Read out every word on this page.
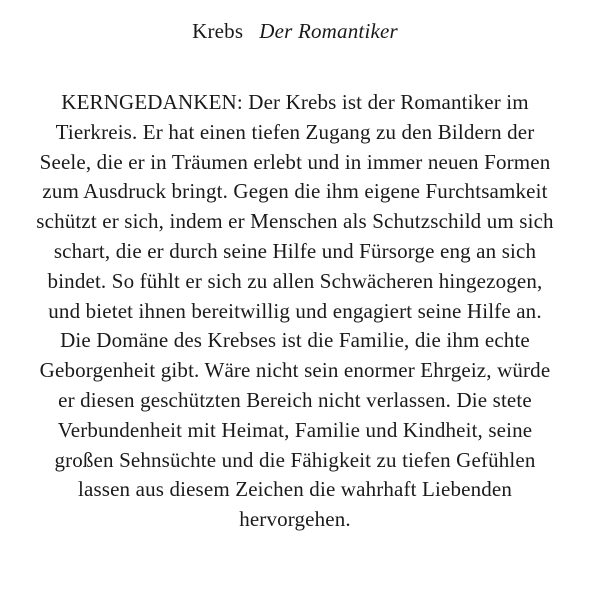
Krebs Der Romantiker
KERNGEDANKEN: Der Krebs ist der Romantiker im
Tierkreis. Er hat einen tiefen Zugang zu den Bildern der
Seele, die er in Träumen erlebt und in immer neuen Formen
zum Ausdruck bringt. Gegen die ihm eigene Furchtsamkeit
schützt er sich, indem er Menschen als Schutzschild um sich
schart, die er durch seine Hilfe und Fürsorge eng an sich
bindet. So fühlt er sich zu allen Schwächeren hingezogen,
und bietet ihnen bereitwillig und engagiert seine Hilfe an.
Die Domäne des Krebses ist die Familie, die ihm echte
Geborgenheit gibt. Wäre nicht sein enormer Ehrgeiz, würde
er diesen geschützten Bereich nicht verlassen. Die stete
Verbundenheit mit Heimat, Familie und Kindheit, seine
großen Sehnsüchte und die Fähigkeit zu tiefen Gefühlen
lassen aus diesem Zeichen die wahrhaft Liebenden
hervorgehen.
